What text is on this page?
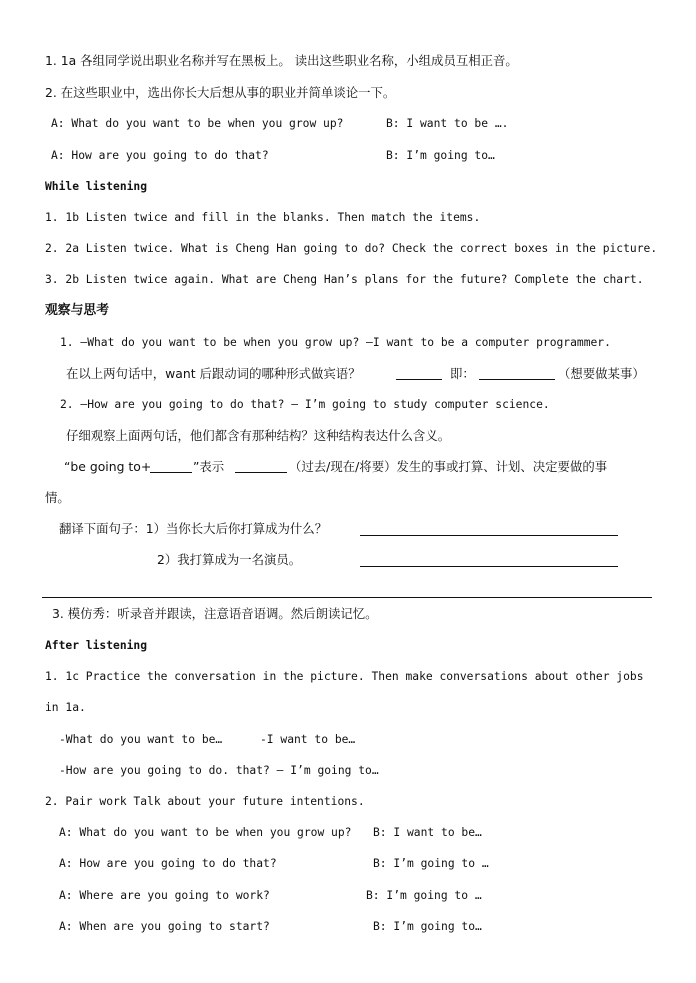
1. 1a 各组同学说出职业名称并写在黑板上。 读出这些职业名称，小组成员互相正音。
2. 在这些职业中，选出你长大后想从事的职业并简单谈论一下。
A: What do you want to be when you grow up?	B: I want to be ….
A: How are you going to do that?	B: I’m going to…
While listening
1. 1b Listen twice and fill in the blanks. Then match the items.
2. 2a Listen twice. What is Cheng Han going to do? Check the correct boxes in the picture.
3. 2b Listen twice again. What are Cheng Han’s plans for the future? Complete the chart.
观察与思考
1. –What do you want to be when you grow up? –I want to be a computer programmer.
在以上两句话中，want 后跟动词的哪种形式做宾语？	即：	（想要做某事）
2. –How are you going to do that? – I’m going to study computer science.
仔细观察上面两句话，他们都含有那种结构？这种结构表达什么含义。
“be going to+	”表示	（过去/现在/将要）发生的事或打算、计划、决定要做的事
情。
翻译下面句子：1）当你长大后你打算成为什么？
2）我打算成为一名演员。
3. 模仿秀：听录音并跟读，注意语音语调。然后朗读记忆。
After listening
1. 1c Practice the conversation in the picture. Then make conversations about other jobs
in 1a.
-What do you want to be…	-I want to be…
-How are you going to do. that? – I’m going to…
2. Pair work Talk about your future intentions.
A: What do you want to be when you grow up? B: I want to be…
A: How are you going to do that?	B: I’m going to …
A: Where are you going to work?	B: I’m going to …
A: When are you going to start?	B: I’m going to…
